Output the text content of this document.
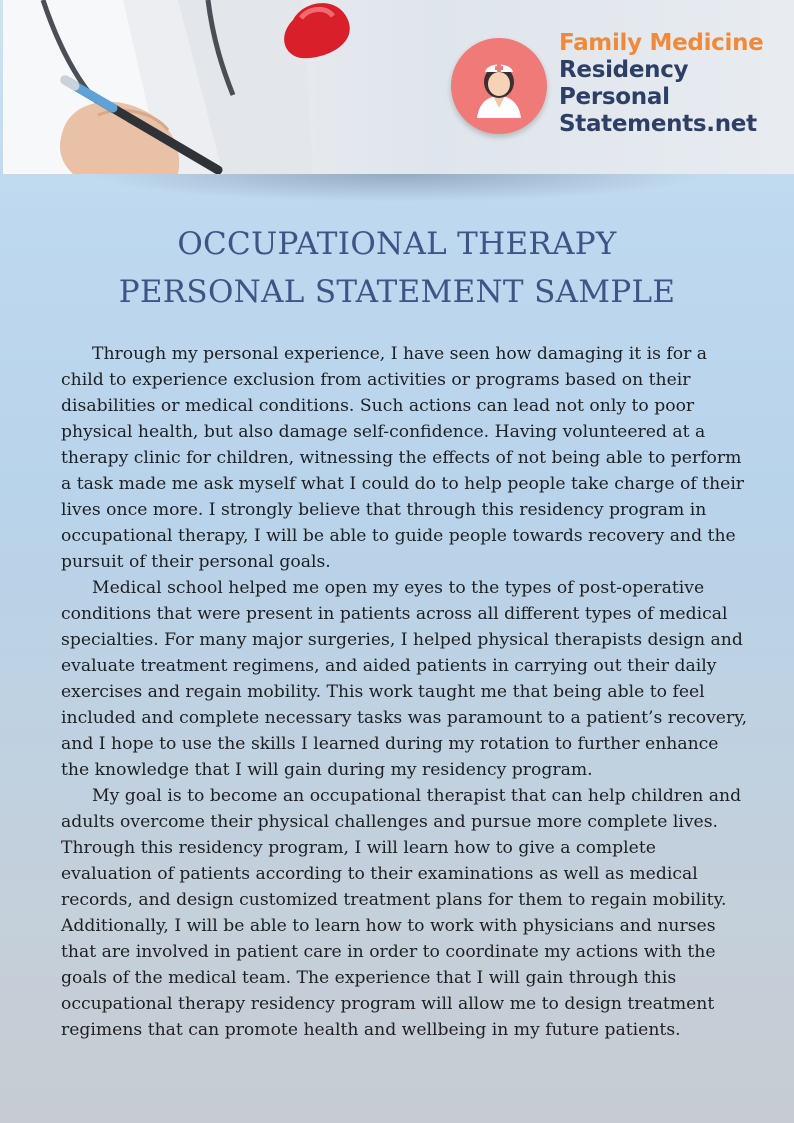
Family Medicine
Residency
Personal
Statements.net
OCCUPATIONAL THERAPY
PERSONAL STATEMENT SAMPLE

Through my personal experience, I have seen how damaging it is for a child to experience exclusion from activities or programs based on their disabilities or medical conditions. Such actions can lead not only to poor physical health, but also damage self-confidence. Having volunteered at a therapy clinic for children, witnessing the effects of not being able to perform a task made me ask myself what I could do to help people take charge of their lives once more. I strongly believe that through this residency program in occupational therapy, I will be able to guide people towards recovery and the pursuit of their personal goals.

Medical school helped me open my eyes to the types of post-operative conditions that were present in patients across all different types of medical specialties. For many major surgeries, I helped physical therapists design and evaluate treatment regimens, and aided patients in carrying out their daily exercises and regain mobility. This work taught me that being able to feel included and complete necessary tasks was paramount to a patient’s recovery, and I hope to use the skills I learned during my rotation to further enhance the knowledge that I will gain during my residency program.

My goal is to become an occupational therapist that can help children and adults overcome their physical challenges and pursue more complete lives. Through this residency program, I will learn how to give a complete evaluation of patients according to their examinations as well as medical records, and design customized treatment plans for them to regain mobility. Additionally, I will be able to learn how to work with physicians and nurses that are involved in patient care in order to coordinate my actions with the goals of the medical team. The experience that I will gain through this occupational therapy residency program will allow me to design treatment regimens that can promote health and wellbeing in my future patients.
